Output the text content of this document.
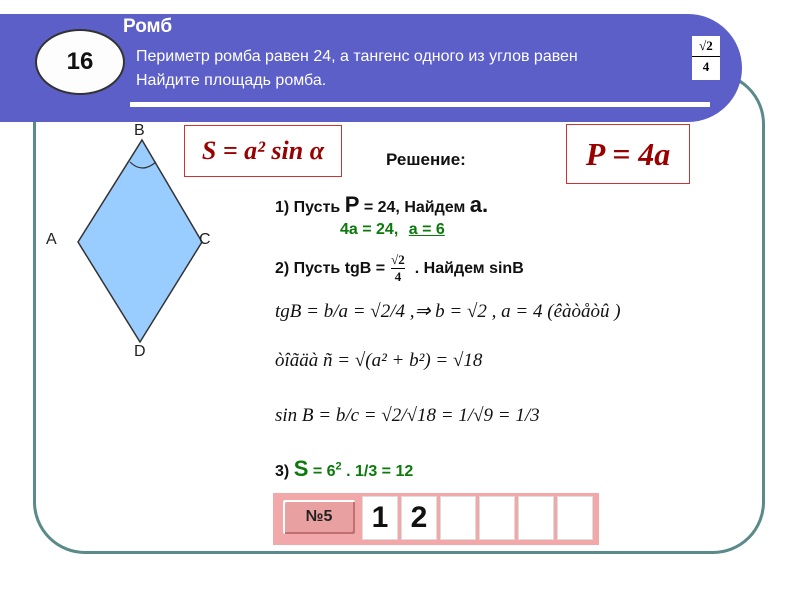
16
Ромб
Периметр ромба равен 24, а тангенс одного из углов равен
Найдите площадь ромба.
$\frac{√2}{4}$
B
A	C
D
S = a² sin α	P = 4a
Решение:
1) Пусть P = 24, Найдем a.
4a = 24, a = 6
2) Пусть tgB = $\frac{√2}{4}$ . Найдем sinB
tgB = b/a = √2/4 ,⇒ b = √2 , a = 4 (êàòåòû )
òîãäà ñ = √(a² + b²) = √18
sin B = b/c = √2/√18 = 1/√9 = 1/3
3) $S = 6^2$ . 1/3 = 12
№5	1 2
